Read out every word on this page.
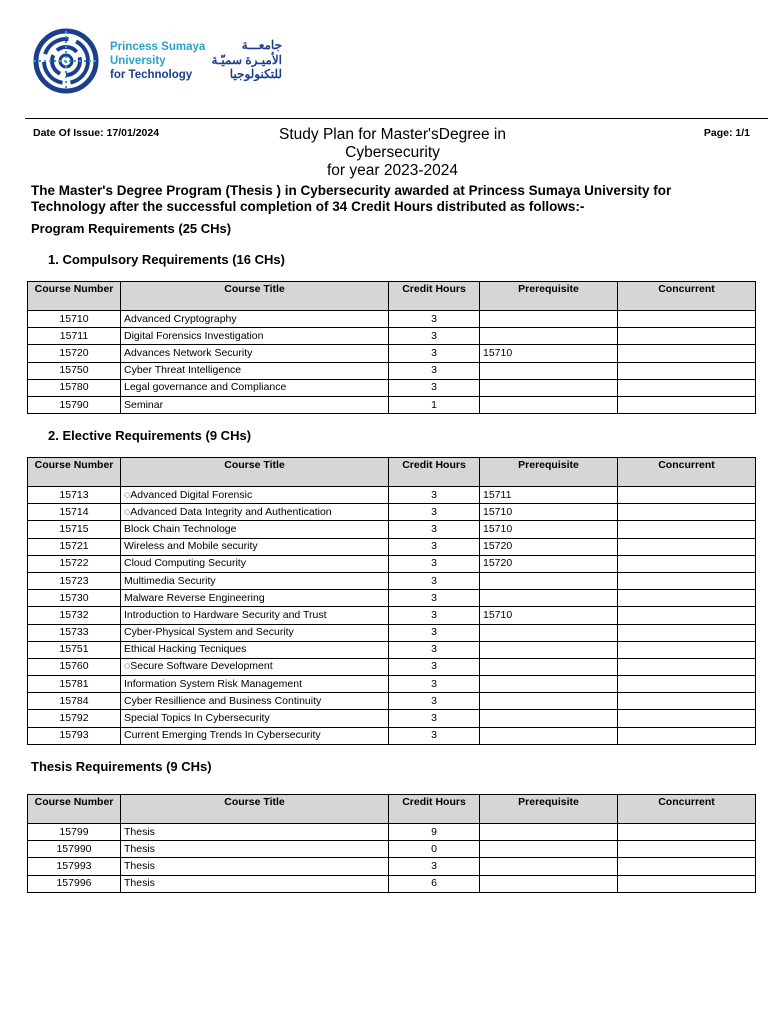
Princess Sumaya
University
for Technology
جامعـــة
الأميـرة سميّـة
للتكنولوجيا
Date Of Issue: 17/01/2024	Page: 1/1
Study Plan for Master'sDegree in
Cybersecurity
for year 2023-2024
The Master's Degree Program (Thesis ) in Cybersecurity awarded at Princess Sumaya University for Technology after the successful completion of 34 Credit Hours distributed as follows:-
Program Requirements (25 CHs)
1. Compulsory Requirements (16 CHs)
Course Number	Course Title	Credit Hours	Prerequisite	Concurrent
15710	Advanced Cryptography	3		
15711	Digital Forensics Investigation	3		
15720	Advances Network Security	3	15710	
15750	Cyber Threat Intelligence	3		
15780	Legal governance and Compliance	3		
15790	Seminar	1		
2. Elective Requirements (9 CHs)
Course Number	Course Title	Credit Hours	Prerequisite	Concurrent
15713	◌Advanced Digital Forensic	3	15711	
15714	◌Advanced Data Integrity and Authentication	3	15710	
15715	Block Chain Technologe	3	15710	
15721	Wireless and Mobile security	3	15720	
15722	Cloud Computing Security	3	15720	
15723	Multimedia Security	3		
15730	Malware Reverse Engineering	3		
15732	Introduction to Hardware Security and Trust	3	15710	
15733	Cyber-Physical System and Security	3		
15751	Ethical Hacking Tecniques	3		
15760	◌Secure Software Development	3		
15781	Information System Risk Management	3		
15784	Cyber Resillience and Business Continuity	3		
15792	Special Topics In Cybersecurity	3		
15793	Current Emerging Trends In Cybersecurity	3		
Thesis Requirements (9 CHs)
Course Number	Course Title	Credit Hours	Prerequisite	Concurrent
15799	Thesis	9		
157990	Thesis	0		
157993	Thesis	3		
157996	Thesis	6		
